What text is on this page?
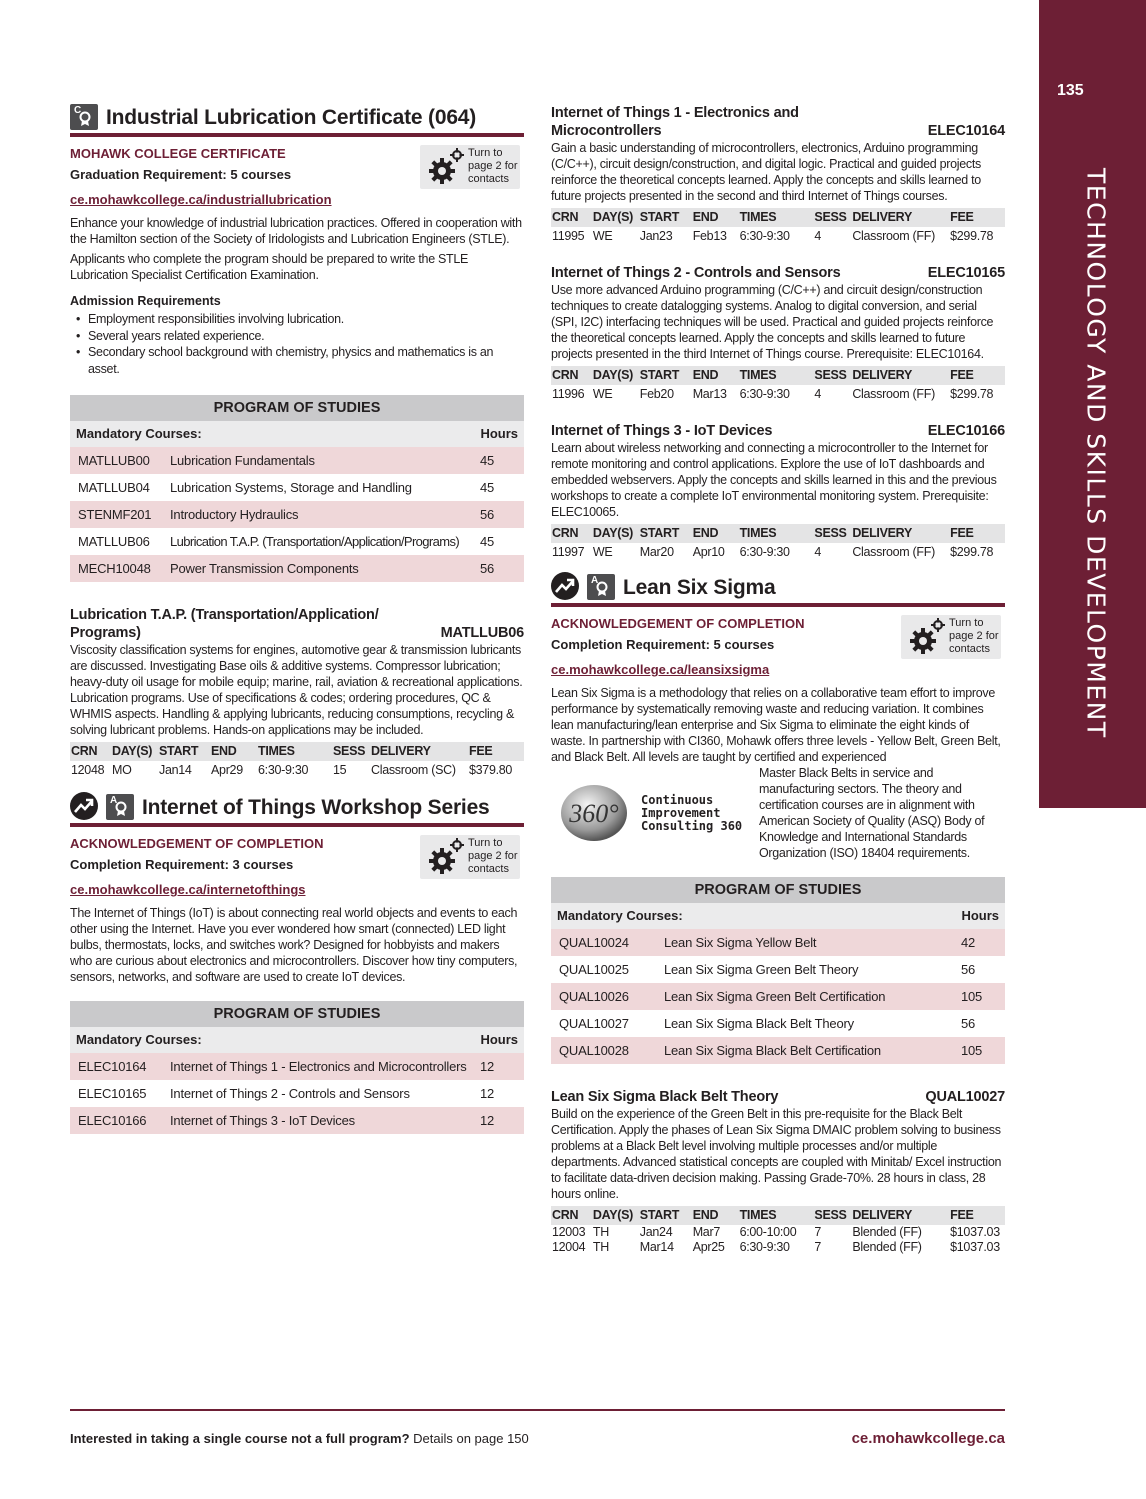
135
TECHNOLOGY AND SKILLS DEVELOPMENT
C Industrial Lubrication Certificate (064)
MOHAWK COLLEGE CERTIFICATE
Graduation Requirement: 5 courses
ce.mohawkcollege.ca/industriallubrication
Turn to
page 2 for
contacts

Enhance your knowledge of industrial lubrication practices. Offered in cooperation with the Hamilton section of the Society of Iridologists and Lubrication Engineers (STLE).

Applicants who complete the program should be prepared to write the STLE Lubrication Specialist Certification Examination.

Admission Requirements
• Employment responsibilities involving lubrication.
• Several years related experience.
• Secondary school background with chemistry, physics and mathematics is an asset.
PROGRAM OF STUDIES
Mandatory Courses:	Hours
MATLLUB00	Lubrication Fundamentals	45
MATLLUB04	Lubrication Systems, Storage and Handling	45
STENMF201	Introductory Hydraulics	56
MATLLUB06	Lubrication T.A.P. (Transportation/Application/Programs)	45
MECH10048	Power Transmission Components	56
Lubrication T.A.P. (Transportation/Application/ Programs)	MATLLUB06

Viscosity classification systems for engines, automotive gear & transmission lubricants are discussed. Investigating Base oils & additive systems. Compressor lubrication; heavy-duty oil usage for mobile equip; marine, rail, aviation & recreational applications. Lubrication programs. Use of specifications & codes; ordering procedures, QC & WHMIS aspects. Handling & applying lubricants, reducing consumptions, recycling & solving lubricant problems. Hands-on applications may be included.

CRN	DAY(S) START	END	TIMES	SESS DELIVERY	FEE
12048 MO	Jan14	Apr29	6:30-9:30	15	Classroom (SC)	$379.80
A Internet of Things Workshop Series
ACKNOWLEDGEMENT OF COMPLETION
Completion Requirement: 3 courses
ce.mohawkcollege.ca/internetofthings
Turn to
page 2 for
contacts

The Internet of Things (IoT) is about connecting real world objects and events to each other using the Internet. Have you ever wondered how smart (connected) LED light bulbs, thermostats, locks, and switches work? Designed for hobbyists and makers who are curious about electronics and microcontrollers. Discover how tiny computers, sensors, networks, and software are used to create IoT devices.

PROGRAM OF STUDIES
Mandatory Courses:	Hours
ELEC10164	Internet of Things 1 - Electronics and Microcontrollers	12
ELEC10165	Internet of Things 2 - Controls and Sensors	12
ELEC10166	Internet of Things 3 - IoT Devices	12
Internet of Things 1 - Electronics and Microcontrollers	ELEC10164

Gain a basic understanding of microcontrollers, electronics, Arduino programming (C/C++), circuit design/construction, and digital logic. Practical and guided projects reinforce the theoretical concepts learned. Apply the concepts and skills learned to future projects presented in the second and third Internet of Things courses.

CRN	DAY(S) START	END	TIMES	SESS DELIVERY	FEE
11995 WE	Jan23	Feb13	6:30-9:30	4	Classroom (FF)	$299.78
Internet of Things 2 - Controls and Sensors	ELEC10165

Use more advanced Arduino programming (C/C++) and circuit design/construction techniques to create datalogging systems. Analog to digital conversion, and serial (SPI, I2C) interfacing techniques will be used. Practical and guided projects reinforce the theoretical concepts learned. Apply the concepts and skills learned to future projects presented in the third Internet of Things course. Prerequisite: ELEC10164.

CRN	DAY(S) START	END	TIMES	SESS DELIVERY	FEE
11996 WE	Feb20	Mar13	6:30-9:30	4	Classroom (FF)	$299.78
Internet of Things 3 - IoT Devices	ELEC10166

Learn about wireless networking and connecting a microcontroller to the Internet for remote monitoring and control applications. Explore the use of IoT dashboards and embedded webservers. Apply the concepts and skills learned in this and the previous workshops to create a complete IoT environmental monitoring system. Prerequisite: ELEC10065.

CRN	DAY(S) START	END	TIMES	SESS DELIVERY	FEE
11997 WE	Mar20	Apr10	6:30-9:30	4	Classroom (FF)	$299.78
A Lean Six Sigma
ACKNOWLEDGEMENT OF COMPLETION
Completion Requirement: 5 courses
ce.mohawkcollege.ca/leansixsigma
Turn to
page 2 for
contacts

Lean Six Sigma is a methodology that relies on a collaborative team effort to improve performance by systematically removing waste and reducing variation. It combines lean manufacturing/lean enterprise and Six Sigma to eliminate the eight kinds of waste. In partnership with CI360, Mohawk offers three levels - Yellow Belt, Green Belt, and Black Belt. All levels are taught by certified and experienced

360° Continuous
Improvement
Consulting 360

Master Black Belts in service and manufacturing sectors. The theory and certification courses are in alignment with American Society of Quality (ASQ) Body of Knowledge and International Standards Organization (ISO) 18404 requirements.

PROGRAM OF STUDIES
Mandatory Courses:	Hours
QUAL10024	Lean Six Sigma Yellow Belt	42
QUAL10025	Lean Six Sigma Green Belt Theory	56
QUAL10026	Lean Six Sigma Green Belt Certification	105
QUAL10027	Lean Six Sigma Black Belt Theory	56
QUAL10028	Lean Six Sigma Black Belt Certification	105
Lean Six Sigma Black Belt Theory	QUAL10027

Build on the experience of the Green Belt in this pre-requisite for the Black Belt Certification. Apply the phases of Lean Six Sigma DMAIC problem solving to business problems at a Black Belt level involving multiple processes and/or multiple departments. Advanced statistical concepts are coupled with Minitab/ Excel instruction to facilitate data-driven decision making. Passing Grade-70%. 28 hours in class, 28 hours online.

CRN	DAY(S) START	END	TIMES	SESS DELIVERY	FEE
12003 TH	Jan24	Mar7	6:00-10:00	7	Blended (FF)	$1037.03
12004 TH	Mar14	Apr25	6:30-9:30	7	Blended (FF)	$1037.03
Interested in taking a single course not a full program? Details on page 150	ce.mohawkcollege.ca
